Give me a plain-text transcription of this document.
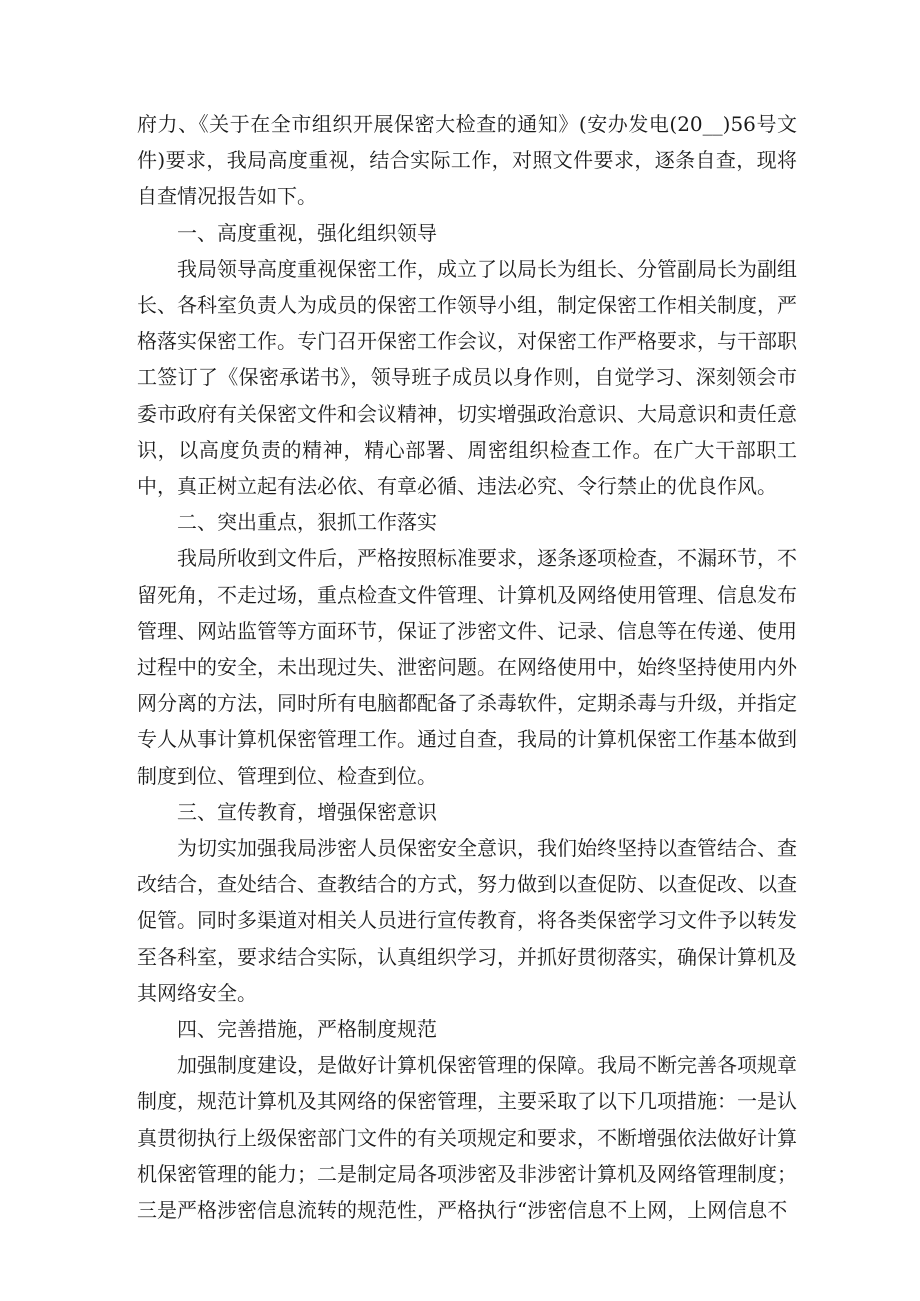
府力、《关于在全市组织开展保密大检查的通知》(安办发电(20__)56号文件)要求，我局高度重视，结合实际工作，对照文件要求，逐条自查，现将自查情况报告如下。

一、高度重视，强化组织领导

我局领导高度重视保密工作，成立了以局长为组长、分管副局长为副组长、各科室负责人为成员的保密工作领导小组，制定保密工作相关制度，严格落实保密工作。专门召开保密工作会议，对保密工作严格要求，与干部职工签订了《保密承诺书》，领导班子成员以身作则，自觉学习、深刻领会市委市政府有关保密文件和会议精神，切实增强政治意识、大局意识和责任意识，以高度负责的精神，精心部署、周密组织检查工作。在广大干部职工中，真正树立起有法必依、有章必循、违法必究、令行禁止的优良作风。

二、突出重点，狠抓工作落实

我局所收到文件后，严格按照标准要求，逐条逐项检查，不漏环节，不留死角，不走过场，重点检查文件管理、计算机及网络使用管理、信息发布管理、网站监管等方面环节，保证了涉密文件、记录、信息等在传递、使用过程中的安全，未出现过失、泄密问题。在网络使用中，始终坚持使用内外网分离的方法，同时所有电脑都配备了杀毒软件，定期杀毒与升级，并指定专人从事计算机保密管理工作。通过自查，我局的计算机保密工作基本做到制度到位、管理到位、检查到位。

三、宣传教育，增强保密意识

为切实加强我局涉密人员保密安全意识，我们始终坚持以查管结合、查改结合，查处结合、查教结合的方式，努力做到以查促防、以查促改、以查促管。同时多渠道对相关人员进行宣传教育，将各类保密学习文件予以转发至各科室，要求结合实际，认真组织学习，并抓好贯彻落实，确保计算机及其网络安全。

四、完善措施，严格制度规范

加强制度建设，是做好计算机保密管理的保障。我局不断完善各项规章制度，规范计算机及其网络的保密管理，主要采取了以下几项措施：一是认真贯彻执行上级保密部门文件的有关项规定和要求，不断增强依法做好计算机保密管理的能力；二是制定局各项涉密及非涉密计算机及网络管理制度；三是严格涉密信息流转的规范性，严格执行“涉密信息不上网，上网信息不
